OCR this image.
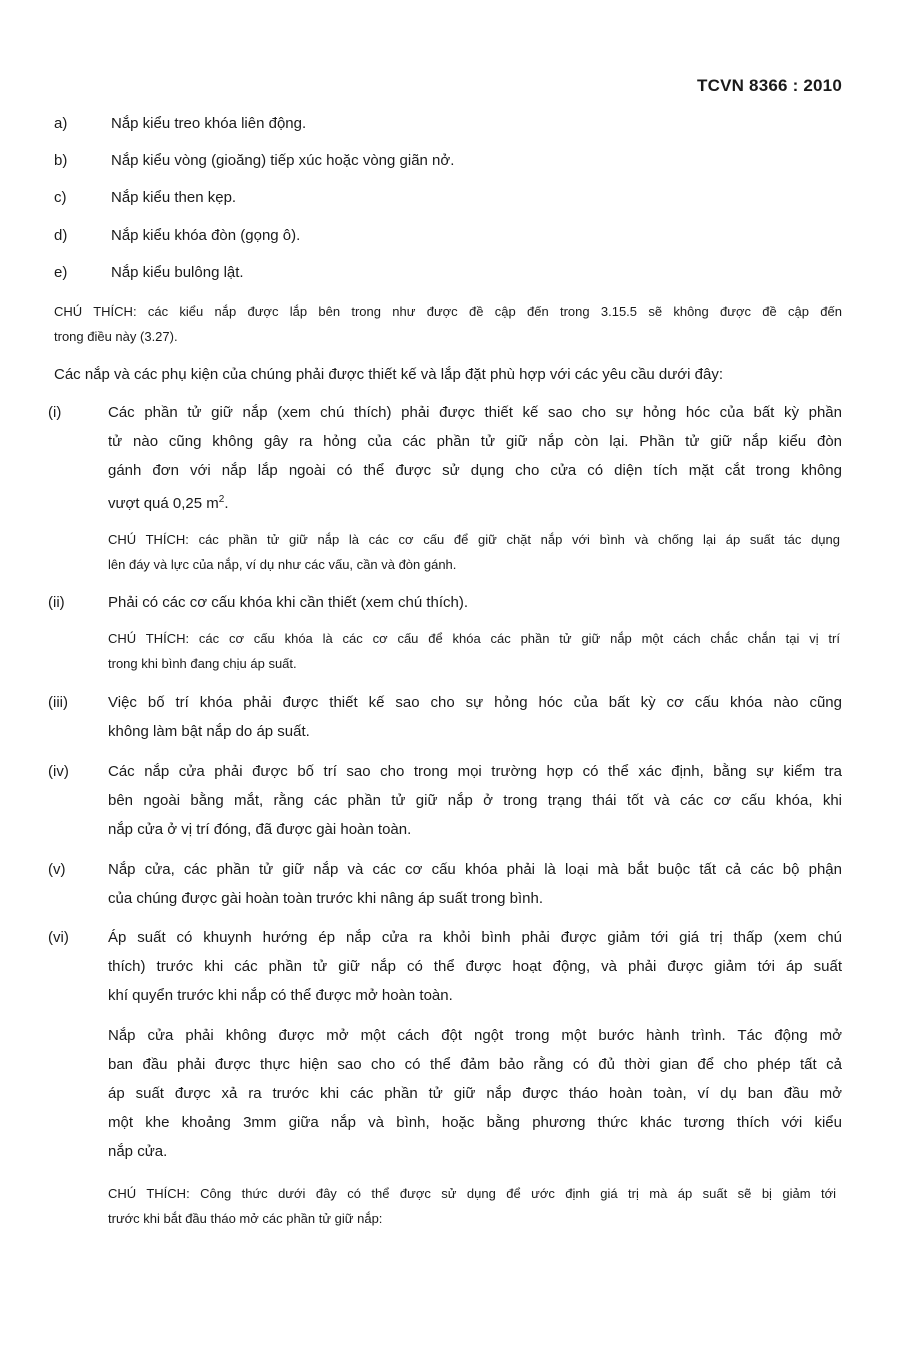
TCVN 8366 : 2010
a)	Nắp kiểu treo khóa liên động.
b)	Nắp kiểu vòng (gioăng) tiếp xúc hoặc vòng giãn nở.
c)	Nắp kiểu then kẹp.
d)	Nắp kiểu khóa đòn (gọng ô).
e)	Nắp kiểu bulông lật.
CHÚ THÍCH: các kiểu nắp được lắp bên trong như được đề cập đến trong 3.15.5 sẽ không được đề cập đến
trong điều này (3.27).
Các nắp và các phụ kiện của chúng phải được thiết kế và lắp đặt phù hợp với các yêu cầu dưới đây:
(i)	Các phần tử giữ nắp (xem chú thích) phải được thiết kế sao cho sự hỏng hóc của bất kỳ phần
tử nào cũng không gây ra hỏng của các phần tử giữ nắp còn lại. Phần tử giữ nắp kiểu đòn
gánh đơn với nắp lắp ngoài có thể được sử dụng cho cửa có diện tích mặt cắt trong không
vượt quá 0,25 $m^2$.
CHÚ THÍCH: các phần tử giữ nắp là các cơ cấu để giữ chặt nắp với bình và chống lại áp suất tác dụng
lên đáy và lực của nắp, ví dụ như các vấu, cần và đòn gánh.
(ii)	Phải có các cơ cấu khóa khi cần thiết (xem chú thích).
CHÚ THÍCH: các cơ cấu khóa là các cơ cấu để khóa các phần tử giữ nắp một cách chắc chắn tại vị trí
trong khi bình đang chịu áp suất.
(iii)	Việc bố trí khóa phải được thiết kế sao cho sự hỏng hóc của bất kỳ cơ cấu khóa nào cũng
không làm bật nắp do áp suất.
(iv)	Các nắp cửa phải được bố trí sao cho trong mọi trường hợp có thể xác định, bằng sự kiểm tra
bên ngoài bằng mắt, rằng các phần tử giữ nắp ở trong trạng thái tốt và các cơ cấu khóa, khi
nắp cửa ở vị trí đóng, đã được gài hoàn toàn.
(v)	Nắp cửa, các phần tử giữ nắp và các cơ cấu khóa phải là loại mà bắt buộc tất cả các bộ phận
của chúng được gài hoàn toàn trước khi nâng áp suất trong bình.
(vi)	Áp suất có khuynh hướng ép nắp cửa ra khỏi bình phải được giảm tới giá trị thấp (xem chú
thích) trước khi các phần tử giữ nắp có thể được hoạt động, và phải được giảm tới áp suất
khí quyển trước khi nắp có thể được mở hoàn toàn.
Nắp cửa phải không được mở một cách đột ngột trong một bước hành trình. Tác động mở
ban đầu phải được thực hiện sao cho có thể đảm bảo rằng có đủ thời gian để cho phép tất cả
áp suất được xả ra trước khi các phần tử giữ nắp được tháo hoàn toàn, ví dụ ban đầu mở
một khe khoảng 3mm giữa nắp và bình, hoặc bằng phương thức khác tương thích với kiểu
nắp cửa.
CHÚ THÍCH: Công thức dưới đây có thể được sử dụng để ước định giá trị mà áp suất sẽ bị giảm tới
trước khi bắt đầu tháo mở các phần tử giữ nắp:
